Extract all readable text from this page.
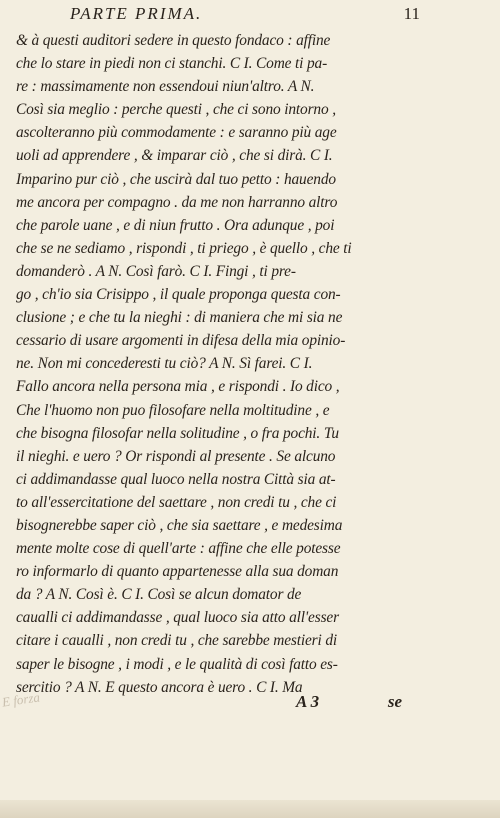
PARTE PRIMA.	11
& à questi auditori sedere in questo fondaco : affine
che lo stare in piedi non ci stanchi. C I. Come ti pa-
re : massimamente non essendoui niun'altro. A N.
Così sia meglio : perche questi , che ci sono intorno ,
ascolteranno più commodamente : e saranno più age
uoli ad apprendere , & imparar ciò , che si dirà. C I.
Imparino pur ciò , che uscirà dal tuo petto : hauendo
me ancora per compagno . da me non harranno altro
che parole uane , e di niun frutto . Ora adunque , poi
che se ne sediamo , rispondi , ti priego , è quello , che ti
domanderò . A N. Così farò. C I. Fingi , ti pre-
go , ch'io sia Crisippo , il quale proponga questa con-
clusione ; e che tu la nieghi : di maniera che mi sia ne
cessario di usare argomenti in difesa della mia opinio-
ne. Non mi concederesti tu ciò? A N. Sì farei. C I.
Fallo ancora nella persona mia , e rispondi . Io dico ,
Che l'huomo non puo filosofare nella moltitudine , e
che bisogna filosofar nella solitudine , o fra pochi. Tu
il nieghi. e uero ? Or rispondi al presente . Se alcuno
ci addimandasse qual luoco nella nostra Città sia at-
to all'essercitatione del saettare , non credi tu , che ci
bisognerebbe saper ciò , che sia saettare , e medesima
mente molte cose di quell'arte : affine che elle potesse
ro informarlo di quanto appartenesse alla sua doman
da ? A N. Così è. C I. Così se alcun domator de
caualli ci addimandasse , qual luoco sia atto all'esser
citare i caualli , non credi tu , che sarebbe mestieri di
saper le bisogne , i modi , e le qualità di così fatto es-
sercitio ? A N. E questo ancora è uero . C I. Ma
E forza	A 3	se
